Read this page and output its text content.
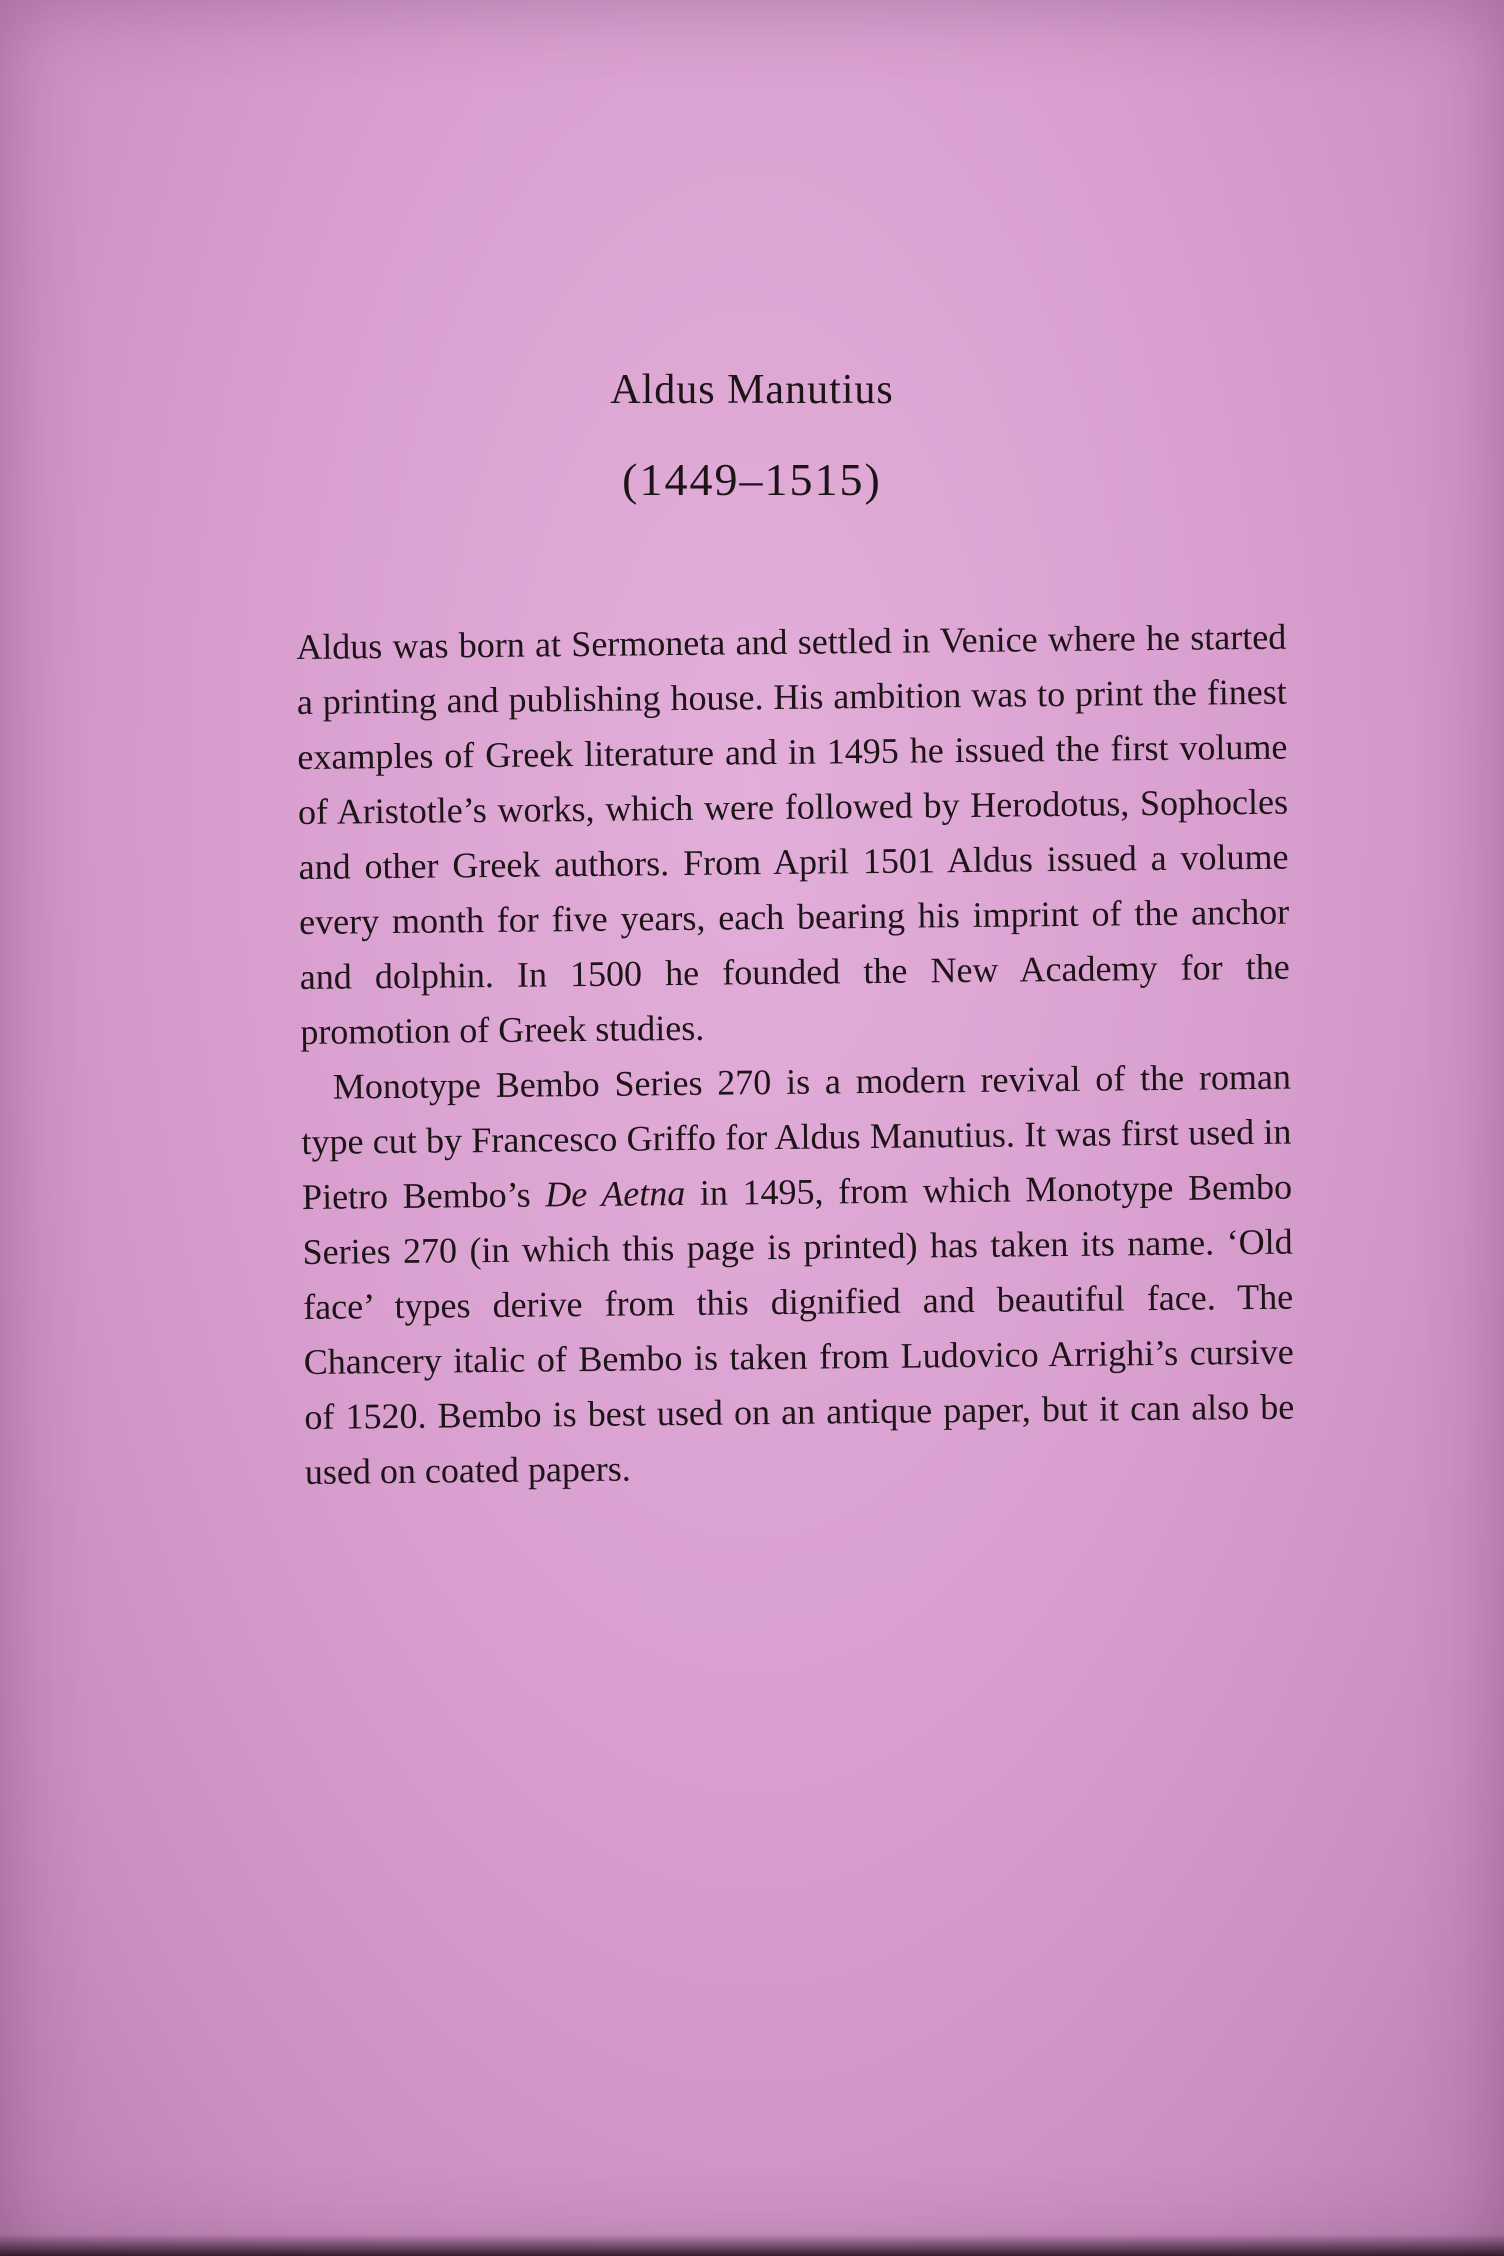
Aldus Manutius

(1449–1515)

Aldus was born at Sermoneta and settled in Venice where he started a printing and publishing house. His ambition was to print the finest examples of Greek literature and in 1495 he issued the first volume of Aristotle’s works, which were followed by Herodotus, Sophocles and other Greek authors. From April 1501 Aldus issued a volume every month for five years, each bearing his imprint of the anchor and dolphin. In 1500 he founded the New Academy for the promotion of Greek studies.

Monotype Bembo Series 270 is a modern revival of the roman type cut by Francesco Griffo for Aldus Manutius. It was first used in Pietro Bembo’s De Aetna in 1495, from which Monotype Bembo Series 270 (in which this page is printed) has taken its name. ‘Old face’ types derive from this dignified and beautiful face. The Chancery italic of Bembo is taken from Ludovico Arrighi’s cursive of 1520. Bembo is best used on an antique paper, but it can also be used on coated papers.
